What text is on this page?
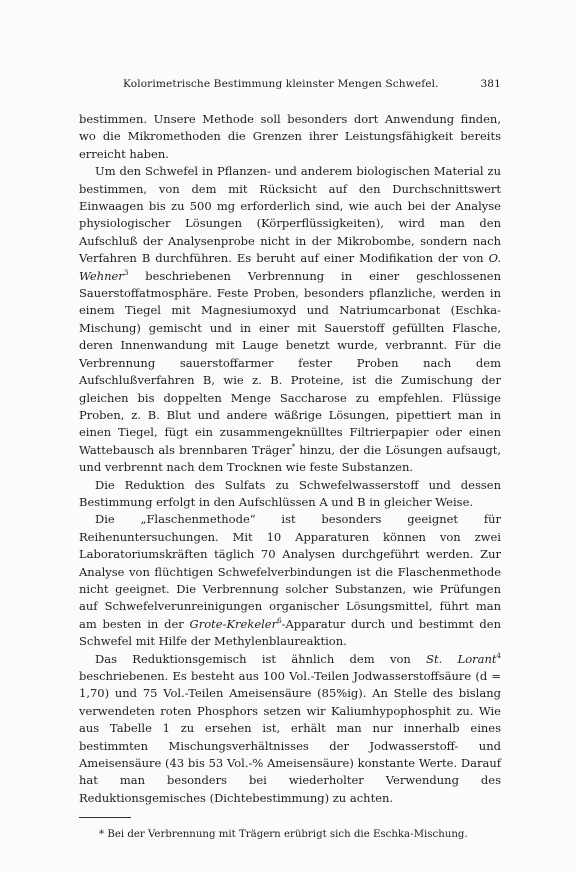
Kolorimetrische Bestimmung kleinster Mengen Schwefel.	381

bestimmen. Unsere Methode soll besonders dort Anwendung finden, wo die Mikromethoden die Grenzen ihrer Leistungsfähigkeit bereits erreicht haben.

Um den Schwefel in Pflanzen- und anderem biologischen Material zu bestimmen, von dem mit Rücksicht auf den Durchschnittswert Einwaagen bis zu 500 mg erforderlich sind, wie auch bei der Analyse physiologischer Lösungen (Körperflüssigkeiten), wird man den Aufschluß der Analysenprobe nicht in der Mikrobombe, sondern nach Verfahren B durchführen. Es beruht auf einer Modifikation der von O. Wehner$^3$ beschriebenen Verbrennung in einer geschlossenen Sauerstoffatmosphäre. Feste Proben, besonders pflanzliche, werden in einem Tiegel mit Magnesiumoxyd und Natriumcarbonat (Eschka-Mischung) gemischt und in einer mit Sauerstoff gefüllten Flasche, deren Innenwandung mit Lauge benetzt wurde, verbrannt. Für die Verbrennung sauerstoffarmer fester Proben nach dem Aufschlußverfahren B, wie z. B. Proteine, ist die Zumischung der gleichen bis doppelten Menge Saccharose zu empfehlen. Flüssige Proben, z. B. Blut und andere wäßrige Lösungen, pipettiert man in einen Tiegel, fügt ein zusammengeknülltes Filtrierpapier oder einen Wattebausch als brennbaren Träger* hinzu, der die Lösungen aufsaugt, und verbrennt nach dem Trocknen wie feste Substanzen.

Die Reduktion des Sulfats zu Schwefelwasserstoff und dessen Bestimmung erfolgt in den Aufschlüssen A und B in gleicher Weise.

Die „Flaschenmethode“ ist besonders geeignet für Reihenuntersuchungen. Mit 10 Apparaturen können von zwei Laboratoriumskräften täglich 70 Analysen durchgeführt werden. Zur Analyse von flüchtigen Schwefelverbindungen ist die Flaschenmethode nicht geeignet. Die Verbrennung solcher Substanzen, wie Prüfungen auf Schwefelverunreinigungen organischer Lösungsmittel, führt man am besten in der Grote-Krekeler$^6$-Apparatur durch und bestimmt den Schwefel mit Hilfe der Methylenblaureaktion.

Das Reduktionsgemisch ist ähnlich dem von St. Lorant$^4$ beschriebenen. Es besteht aus 100 Vol.-Teilen Jodwasserstoffsäure (d = 1,70) und 75 Vol.-Teilen Ameisensäure (85%ig). An Stelle des bislang verwendeten roten Phosphors setzen wir Kaliumhypophosphit zu. Wie aus Tabelle 1 zu ersehen ist, erhält man nur innerhalb eines bestimmten Mischungsverhältnisses der Jodwasserstoff- und Ameisensäure (43 bis 53 Vol.-% Ameisensäure) konstante Werte. Darauf hat man besonders bei wiederholter Verwendung des Reduktionsgemisches (Dichtebestimmung) zu achten.

* Bei der Verbrennung mit Trägern erübrigt sich die Eschka-Mischung.
